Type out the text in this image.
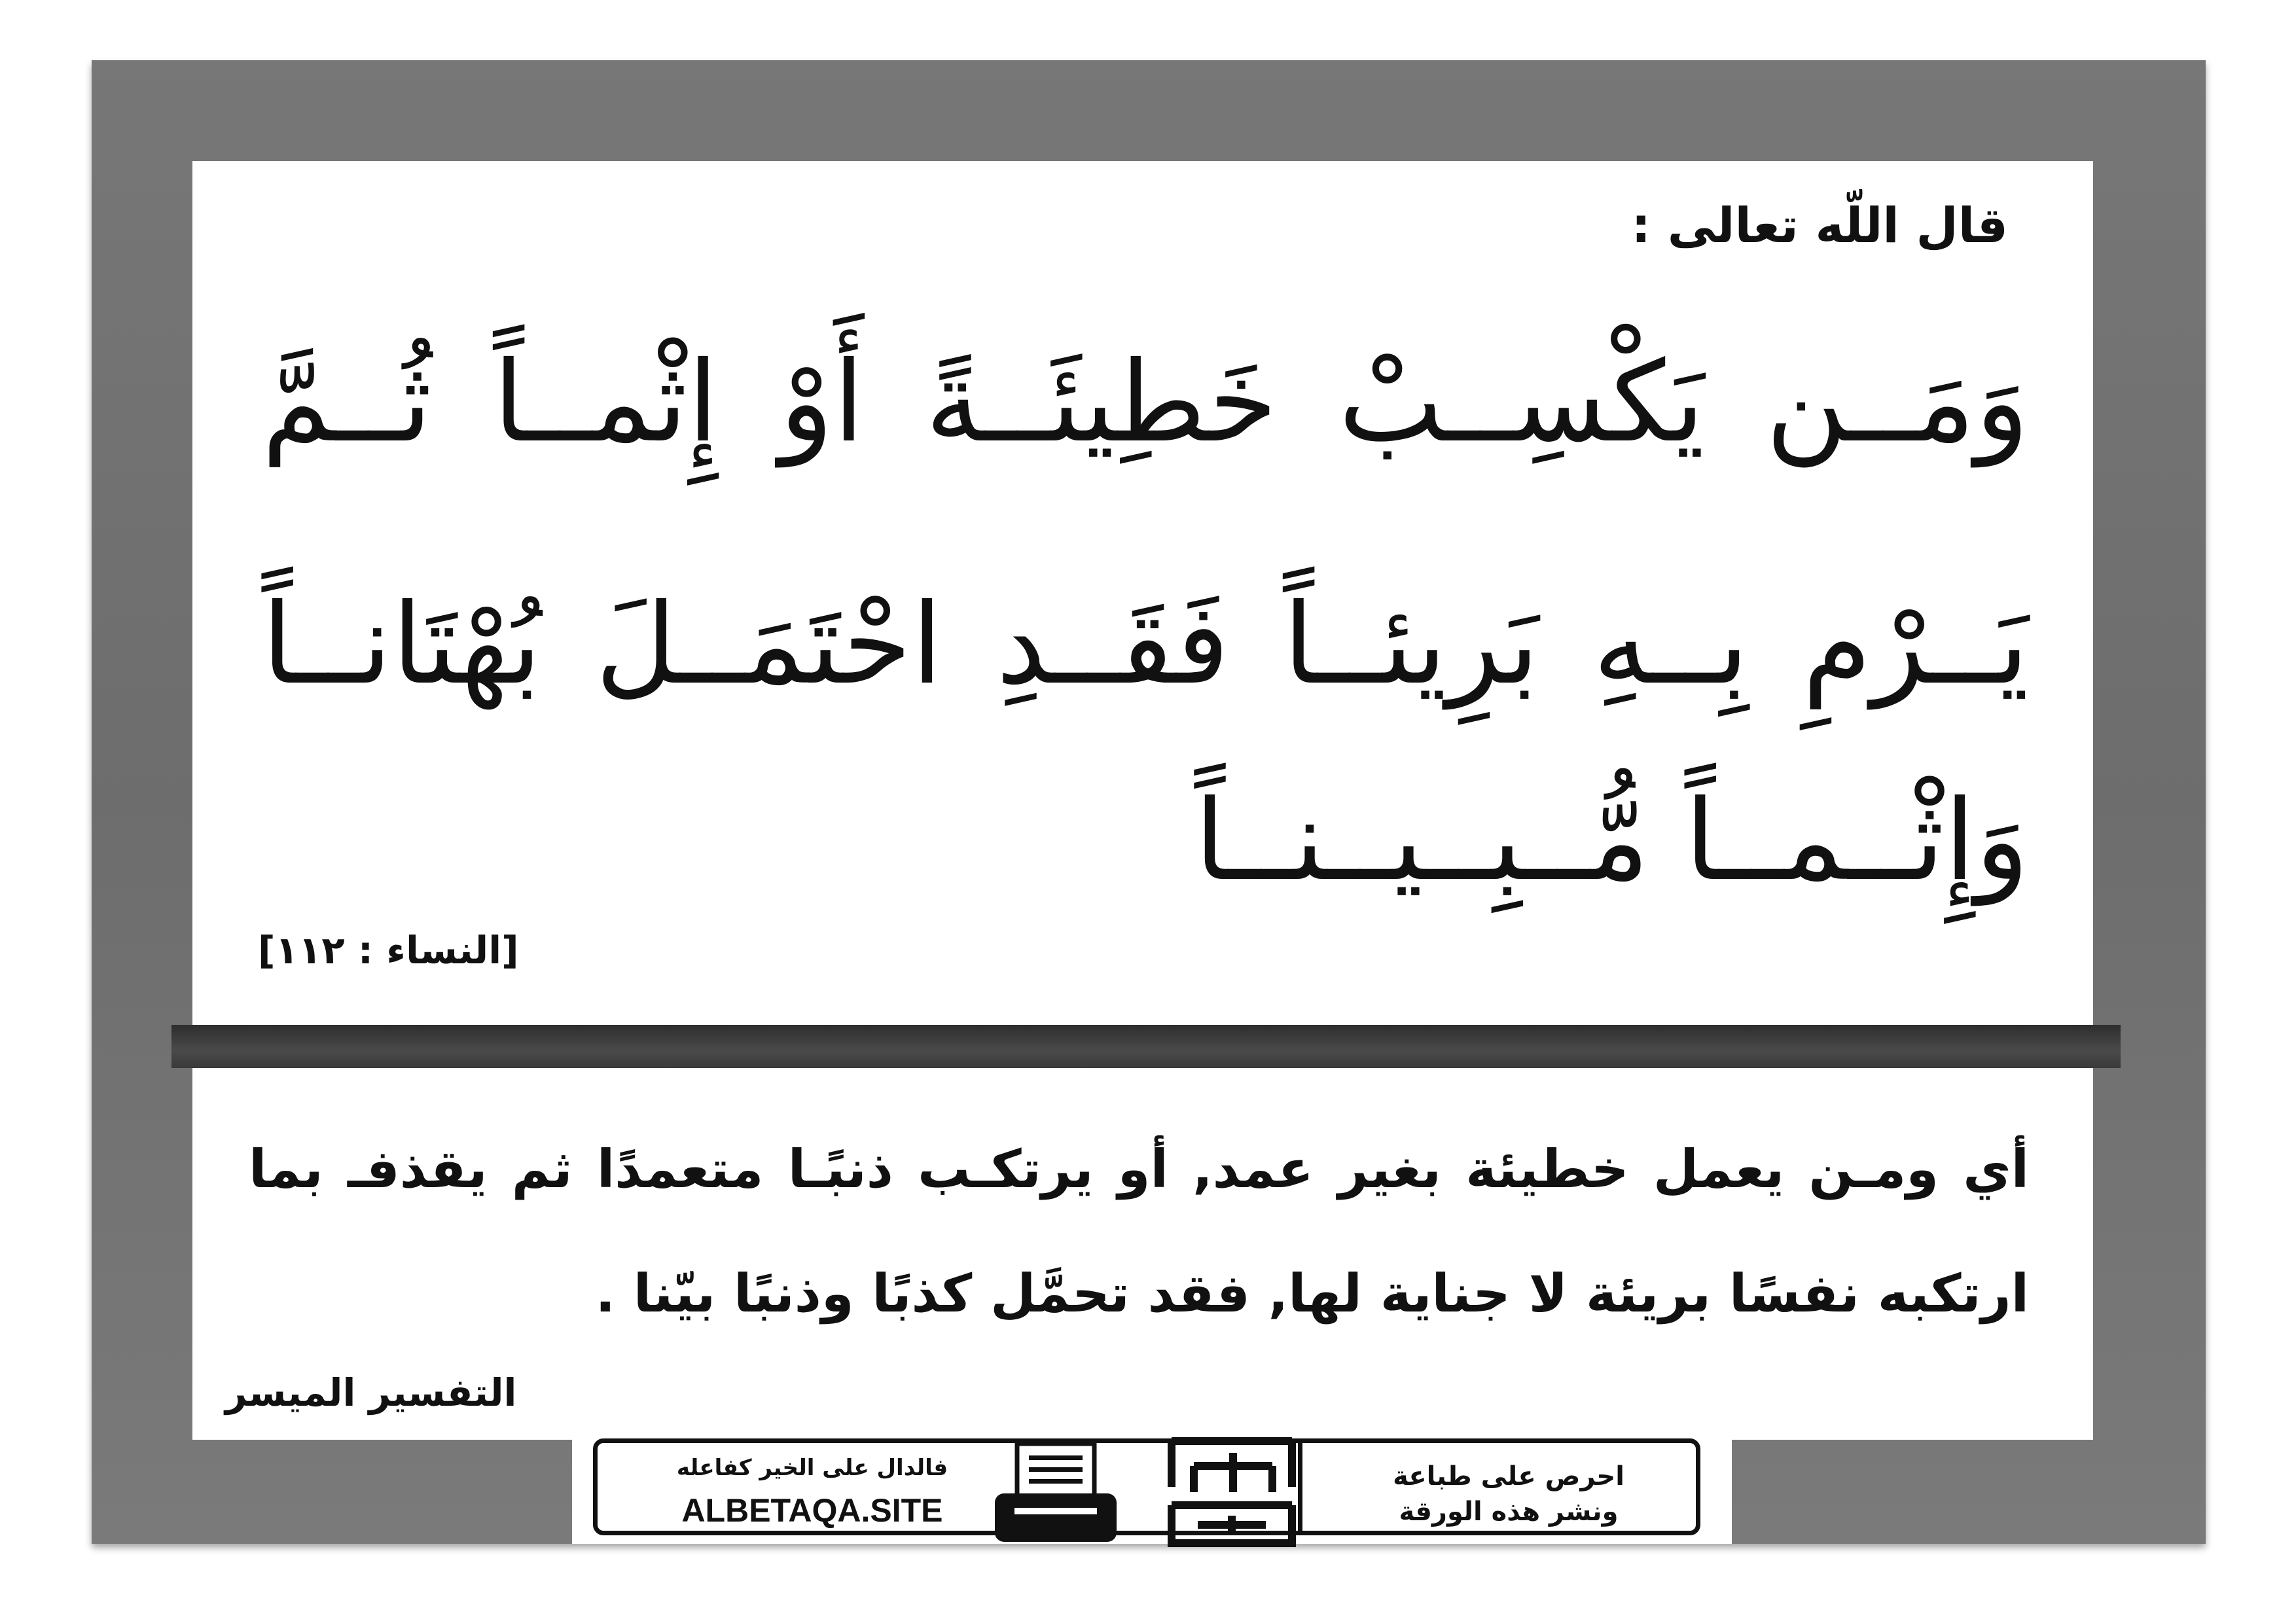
قال اللّه تعالى :
وَمَــن يَكْسِــبْ خَطِيئَــةً أَوْ إِثْمــاً ثُــمَّ
يَــرْمِ بِــهِ بَرِيئــاً فَقَــدِ احْتَمَــلَ بُهْتَانــاً
وَإِثْــمــاً مُّــبِــيــنــاً
[النساء : ١١٢]
أي ومـن يعمل خطيئة بغير عمد, أو يرتكـب ذنبًـا متعمدًا ثم يقذفـ بما
ارتكبه نفسًا بريئة لا جناية لها, فقد تحمَّل كذبًا وذنبًا بيّنا .
التفسير الميسر
احرص على طباعة
ونشر هذه الورقة
فالدال على الخير كفاعله
ALBETAQA.SITE
